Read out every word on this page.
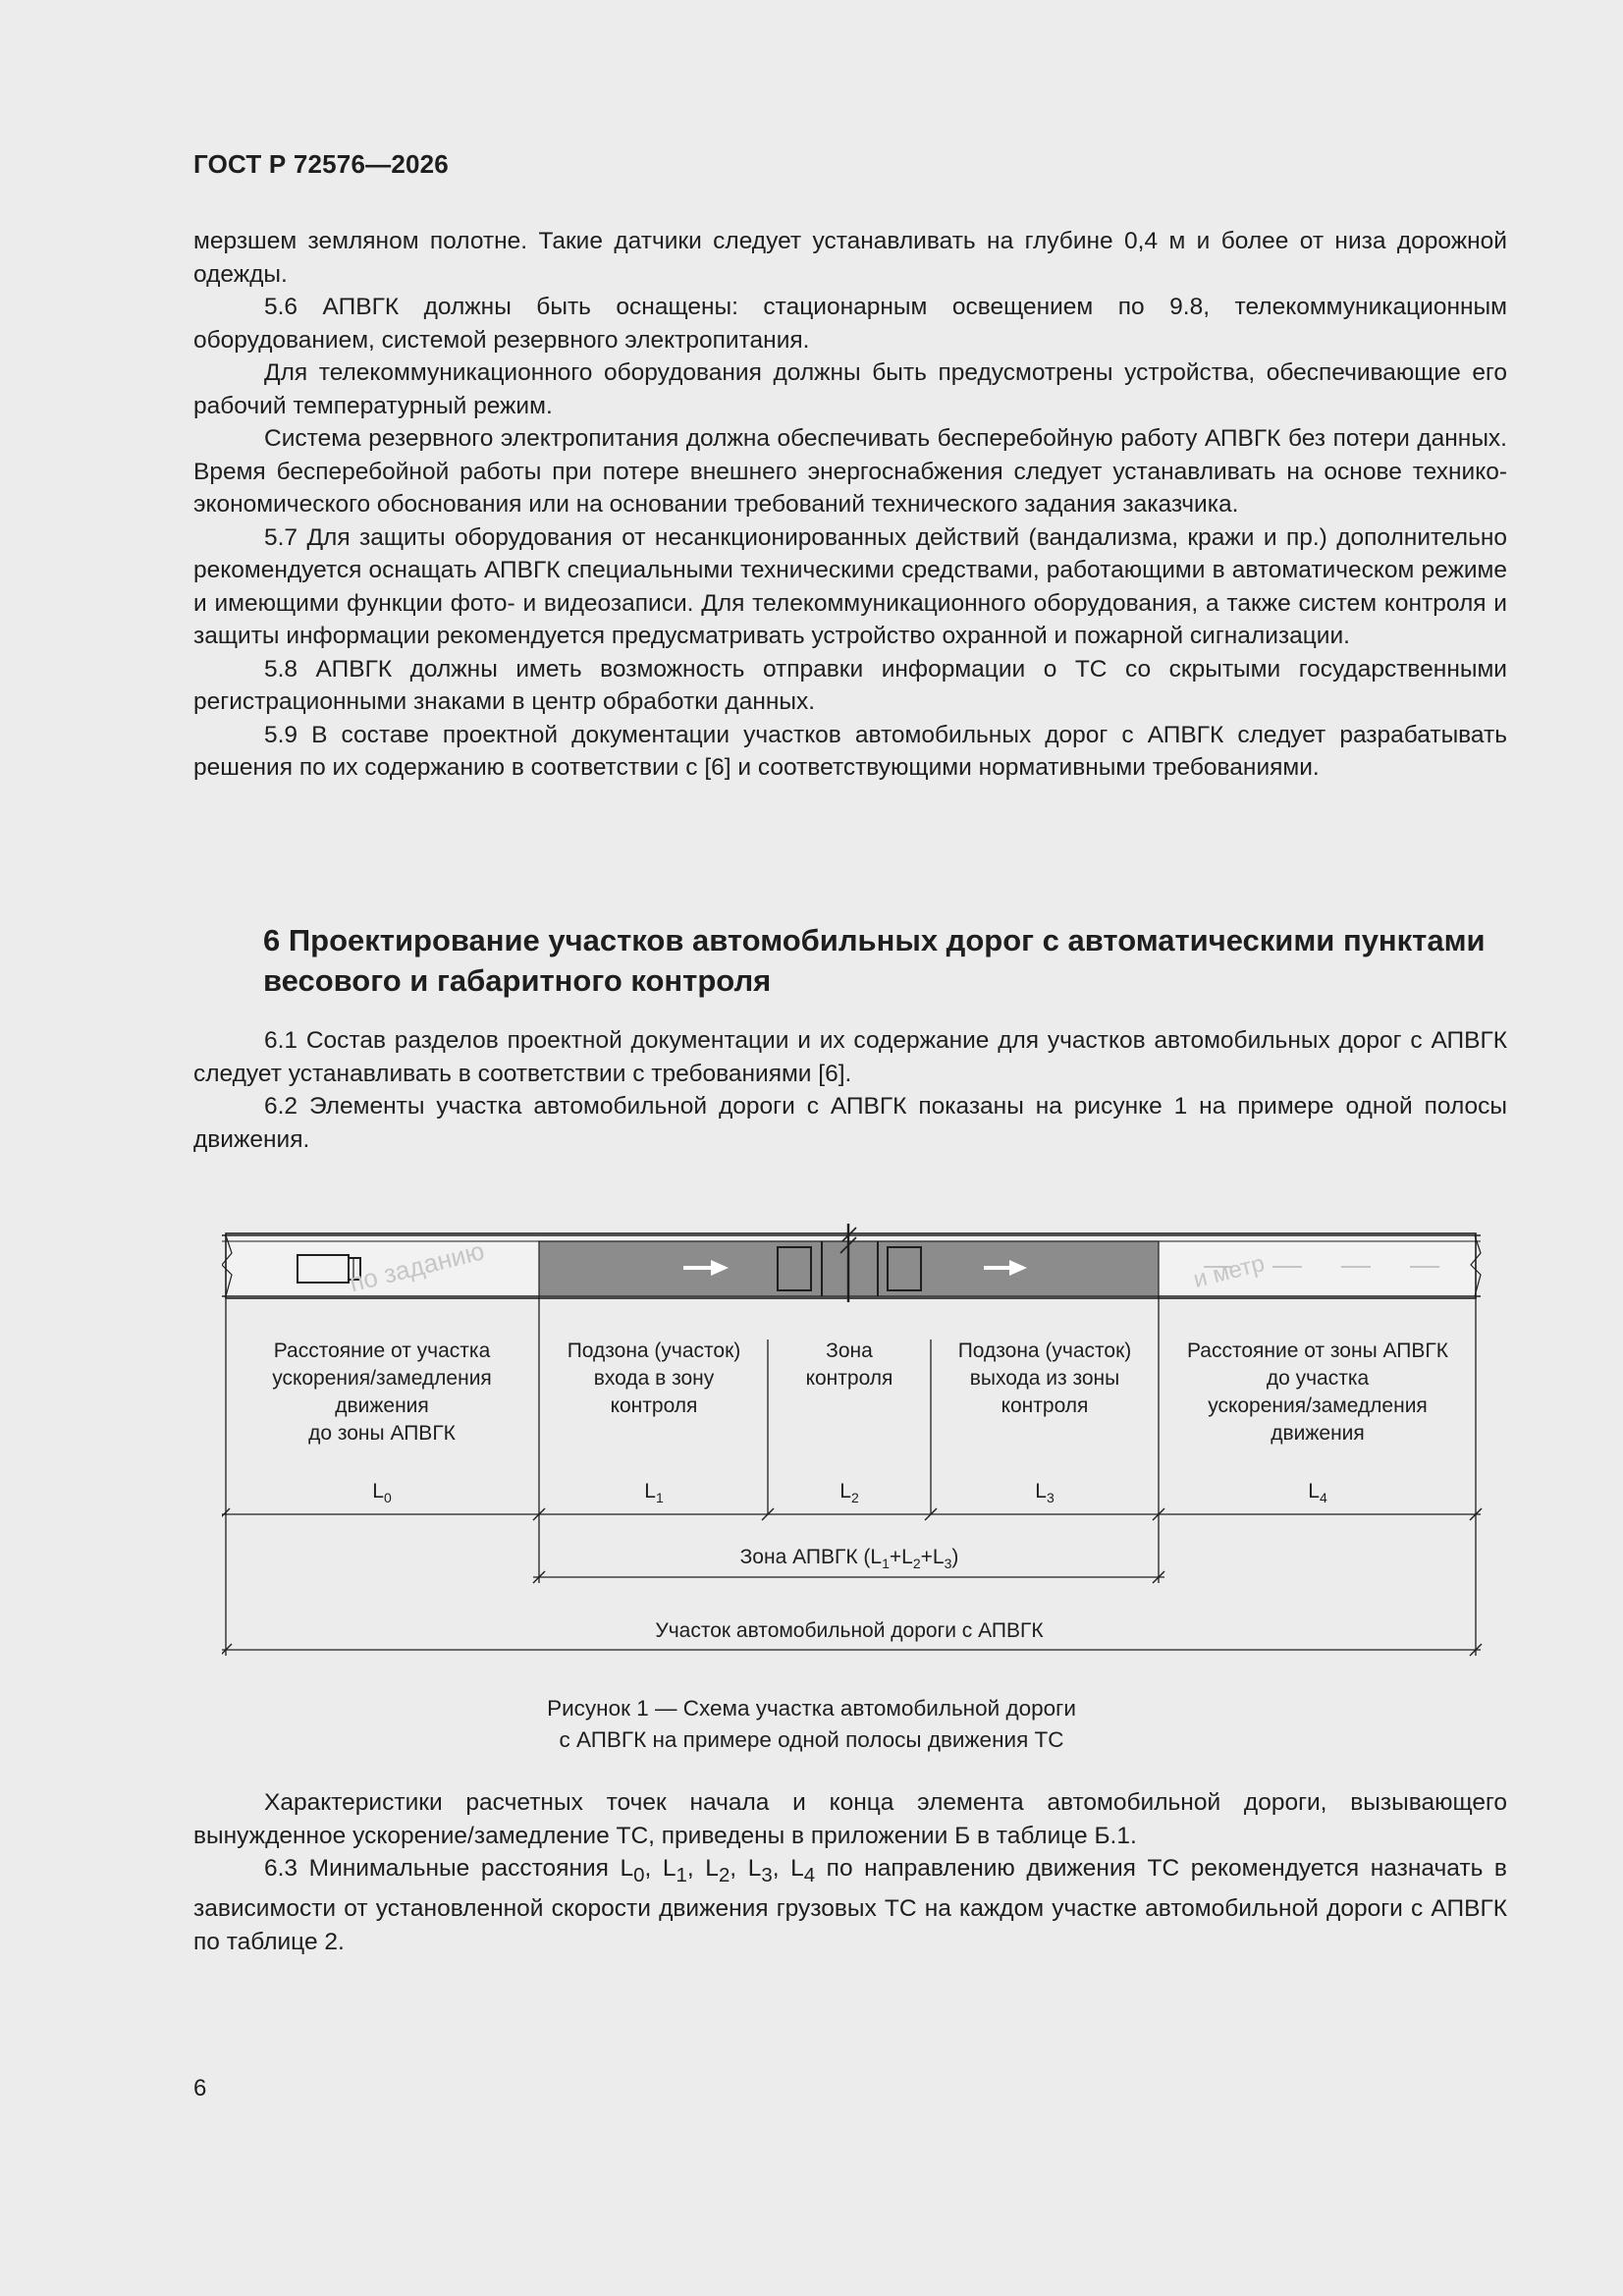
ГОСТ Р 72576—2026

мерзшем земляном полотне. Такие датчики следует устанавливать на глубине 0,4 м и более от низа дорожной одежды.

5.6 АПВГК должны быть оснащены: стационарным освещением по 9.8, телекоммуникационным оборудованием, системой резервного электропитания.

Для телекоммуникационного оборудования должны быть предусмотрены устройства, обеспечивающие его рабочий температурный режим.

Система резервного электропитания должна обеспечивать бесперебойную работу АПВГК без потери данных. Время бесперебойной работы при потере внешнего энергоснабжения следует устанавливать на основе технико-экономического обоснования или на основании требований технического задания заказчика.

5.7 Для защиты оборудования от несанкционированных действий (вандализма, кражи и пр.) дополнительно рекомендуется оснащать АПВГК специальными техническими средствами, работающими в автоматическом режиме и имеющими функции фото- и видеозаписи. Для телекоммуникационного оборудования, а также систем контроля и защиты информации рекомендуется предусматривать устройство охранной и пожарной сигнализации.

5.8 АПВГК должны иметь возможность отправки информации о ТС со скрытыми государственными регистрационными знаками в центр обработки данных.

5.9 В составе проектной документации участков автомобильных дорог с АПВГК следует разрабатывать решения по их содержанию в соответствии с [6] и соответствующими нормативными требованиями.

6 Проектирование участков автомобильных дорог с автоматическими пунктами весового и габаритного контроля

6.1 Состав разделов проектной документации и их содержание для участков автомобильных дорог с АПВГК следует устанавливать в соответствии с требованиями [6].

6.2 Элементы участка автомобильной дороги с АПВГК показаны на рисунке 1 на примере одной полосы движения.

по заданию	и метр
Расстояние от участка
ускорения/замедления
движения
до зоны АПВГК
$L_0$
Подзона (участок)
входа в зону
контроля
$L_1$
Зона
контроля
$L_2$
Подзона (участок)
выхода из зоны
контроля
$L_3$
Расстояние от зоны АПВГК
до участка
ускорения/замедления
движения
$L_4$
Зона АПВГК $(L_1+L_2+L_3)$
Участок автомобильной дороги с АПВГК
Рисунок 1 — Схема участка автомобильной дороги
с АПВГК на примере одной полосы движения ТС

Характеристики расчетных точек начала и конца элемента автомобильной дороги, вызывающего вынужденное ускорение/замедление ТС, приведены в приложении Б в таблице Б.1.

6.3 Минимальные расстояния $L_0$, $L_1$, $L_2$, $L_3$, $L_4$ по направлению движения ТС рекомендуется назначать в зависимости от установленной скорости движения грузовых ТС на каждом участке автомобильной дороги с АПВГК по таблице 2.

6
